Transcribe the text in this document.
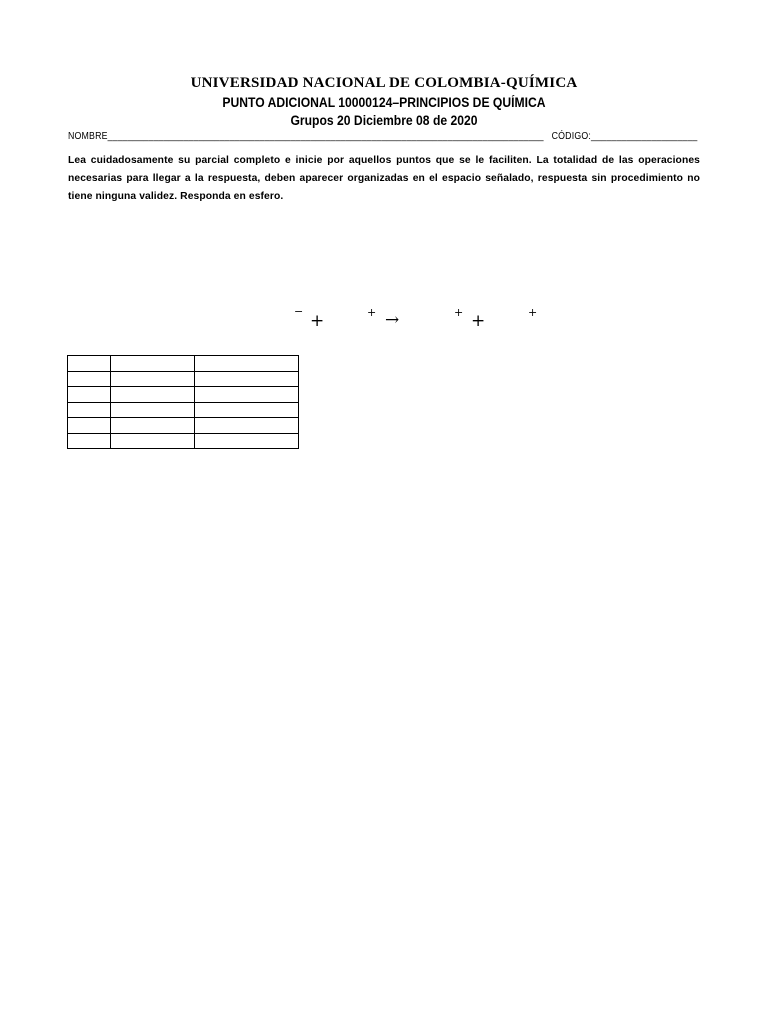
UNIVERSIDAD NACIONAL DE COLOMBIA-QUÍMICA
PUNTO ADICIONAL 10000124–PRINCIPIOS DE QUÍMICA
Grupos 20 Diciembre 08 de 2020
NOMBRE______________________________________________________________________________________ CÓDIGO:_____________________
Lea cuidadosamente su parcial completo e inicie por aquellos puntos que se le faciliten. La totalidad de las operaciones necesarias para llegar a la respuesta, deben aparecer organizadas en el espacio señalado, respuesta sin procedimiento no tiene ninguna validez. Responda en esfero.
− +	+ →	+ +	+
